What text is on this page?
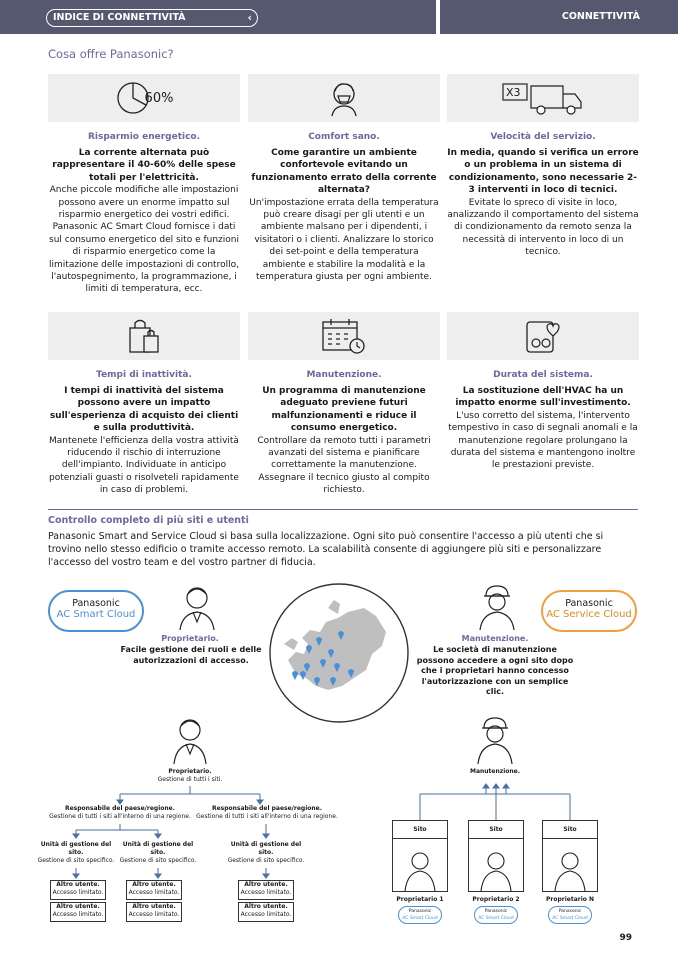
INDICE DI CONNETTIVITÀ	‹	CONNETTIVITÀ
Cosa offre Panasonic?
60%
Risparmio energetico.
La corrente alternata può rappresentare il 40-60% delle spese totali per l'elettricità.
Anche piccole modifiche alle impostazioni possono avere un enorme impatto sul risparmio energetico dei vostri edifici. Panasonic AC Smart Cloud fornisce i dati sul consumo energetico del sito e funzioni di risparmio energetico come la limitazione delle impostazioni di controllo, l'autospegnimento, la programmazione, i limiti di temperatura, ecc.
Comfort sano.
Come garantire un ambiente confortevole evitando un funzionamento errato della corrente alternata?
Un'impostazione errata della temperatura può creare disagi per gli utenti e un ambiente malsano per i dipendenti, i visitatori o i clienti. Analizzare lo storico dei set-point e della temperatura ambiente e stabilire la modalità e la temperatura giusta per ogni ambiente.
X3
Velocità del servizio.
In media, quando si verifica un errore o un problema in un sistema di condizionamento, sono necessarie 2-3 interventi in loco di tecnici.
Evitate lo spreco di visite in loco, analizzando il comportamento del sistema di condizionamento da remoto senza la necessità di intervento in loco di un tecnico.
Tempi di inattività.
I tempi di inattività del sistema possono avere un impatto sull'esperienza di acquisto dei clienti e sulla produttività.
Mantenete l'efficienza della vostra attività riducendo il rischio di interruzione dell'impianto. Individuate in anticipo potenziali guasti o risolveteli rapidamente in caso di problemi.
Manutenzione.
Un programma di manutenzione adeguato previene futuri malfunzionamenti e riduce il consumo energetico.
Controllare da remoto tutti i parametri avanzati del sistema e pianificare correttamente la manutenzione. Assegnare il tecnico giusto al compito richiesto.
Durata del sistema.
La sostituzione dell'HVAC ha un impatto enorme sull'investimento.
L'uso corretto del sistema, l'intervento tempestivo in caso di segnali anomali e la manutenzione regolare prolungano la durata del sistema e mantengono inoltre le prestazioni previste.
Controllo completo di più siti e utenti
Panasonic Smart and Service Cloud si basa sulla localizzazione. Ogni sito può consentire l'accesso a più utenti che si trovino nello stesso edificio o tramite accesso remoto. La scalabilità consente di aggiungere più siti e personalizzare l'accesso del vostro team e del vostro partner di fiducia.
Panasonic
AC Smart Cloud
Proprietario.
Facile gestione dei ruoli e delle autorizzazioni di accesso.
Panasonic
AC Service Cloud
Manutenzione.
Le società di manutenzione possono accedere a ogni sito dopo che i proprietari hanno concesso l'autorizzazione con un semplice clic.
Proprietario.
Gestione di tutti i siti.
Responsabile del paese/regione.
Gestione di tutti i siti all'interno di una regione.
Responsabile del paese/regione.
Gestione di tutti i siti all'interno di una regione.
Unità di gestione del sito.
Gestione di sito specifico.
Unità di gestione del sito.
Gestione di sito specifico.
Unità di gestione del sito.
Gestione di sito specifico.
Altro utente.
Accesso limitato.
Altro utente.
Accesso limitato.
Altro utente.
Accesso limitato.
Altro utente.
Accesso limitato.
Altro utente.
Accesso limitato.
Altro utente.
Accesso limitato.
Manutenzione.
Sito	Sito	Sito
Proprietario 1	Proprietario 2	Proprietario N
Panasonic
AC Smart Cloud
Panasonic
AC Smart Cloud
Panasonic
AC Smart Cloud
99
